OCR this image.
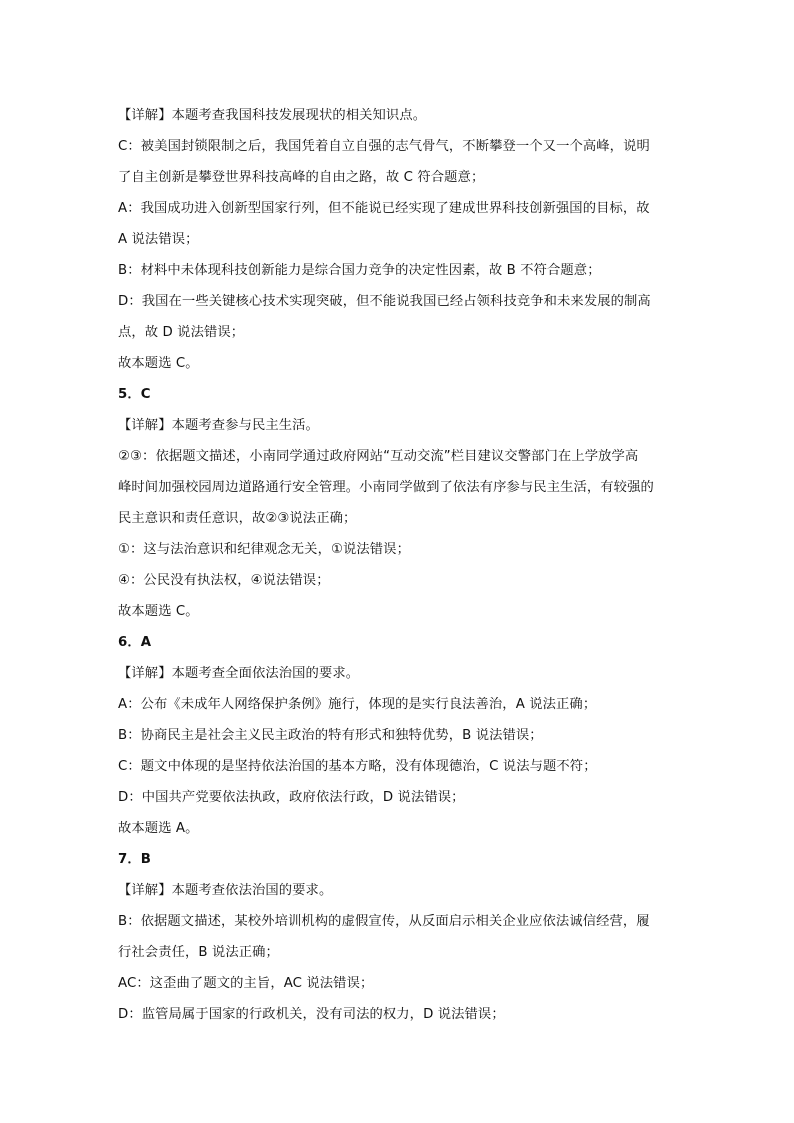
【详解】本题考查我国科技发展现状的相关知识点。
C：被美国封锁限制之后，我国凭着自立自强的志气骨气，不断攀登一个又一个高峰，说明
了自主创新是攀登世界科技高峰的自由之路，故 C 符合题意；
A：我国成功进入创新型国家行列，但不能说已经实现了建成世界科技创新强国的目标，故
A 说法错误；
B：材料中未体现科技创新能力是综合国力竞争的决定性因素，故 B 不符合题意；
D：我国在一些关键核心技术实现突破，但不能说我国已经占领科技竞争和未来发展的制高
点，故 D 说法错误；
故本题选 C。
5．C
【详解】本题考查参与民主生活。
②③：依据题文描述，小南同学通过政府网站“互动交流”栏目建议交警部门在上学放学高
峰时间加强校园周边道路通行安全管理。小南同学做到了依法有序参与民主生活，有较强的
民主意识和责任意识，故②③说法正确；
①：这与法治意识和纪律观念无关，①说法错误；
④：公民没有执法权，④说法错误；
故本题选 C。
6．A
【详解】本题考查全面依法治国的要求。
A：公布《未成年人网络保护条例》施行，体现的是实行良法善治，A 说法正确；
B：协商民主是社会主义民主政治的特有形式和独特优势，B 说法错误；
C：题文中体现的是坚持依法治国的基本方略，没有体现德治，C 说法与题不符；
D：中国共产党要依法执政，政府依法行政，D 说法错误；
故本题选 A。
7．B
【详解】本题考查依法治国的要求。
B：依据题文描述，某校外培训机构的虚假宣传，从反面启示相关企业应依法诚信经营，履
行社会责任，B 说法正确；
AC：这歪曲了题文的主旨，AC 说法错误；
D：监管局属于国家的行政机关，没有司法的权力，D 说法错误；
